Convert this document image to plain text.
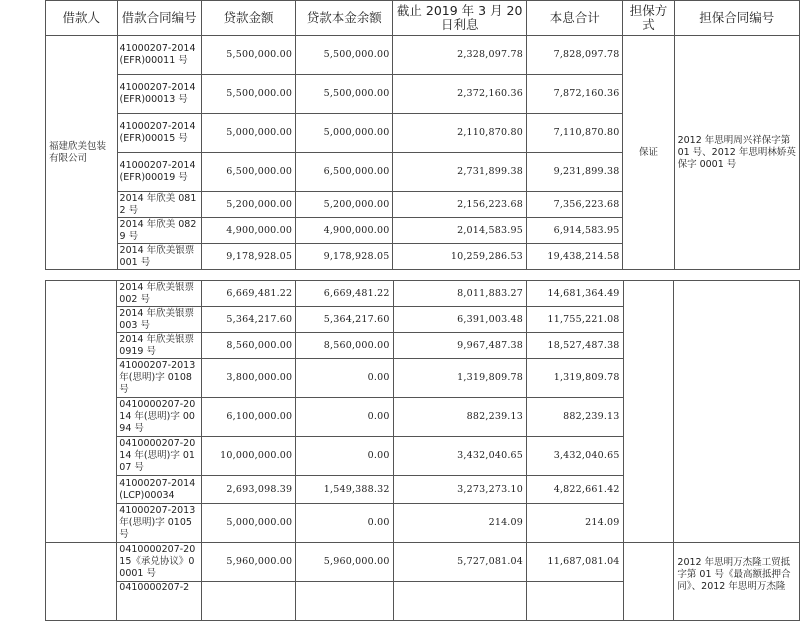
借款人	借款合同编号	贷款金额	贷款本金余额	截止 2019 年 3 月 20 日利息	本息合计	担保方式	担保合同编号
福建欣美包装有限公司	41000207-2014(EFR)00011 号	5,500,000.00	5,500,000.00	2,328,097.78	7,828,097.78	保证	2012 年思明周兴祥保字第 01 号、2012 年思明林娇英保字 0001 号
	41000207-2014(EFR)00013 号	5,500,000.00	5,500,000.00	2,372,160.36	7,872,160.36		
	41000207-2014(EFR)00015 号	5,000,000.00	5,000,000.00	2,110,870.80	7,110,870.80		
	41000207-2014(EFR)00019 号	6,500,000.00	6,500,000.00	2,731,899.38	9,231,899.38		
	2014 年欣美 0812 号	5,200,000.00	5,200,000.00	2,156,223.68	7,356,223.68		
	2014 年欣美 0829 号	4,900,000.00	4,900,000.00	2,014,583.95	6,914,583.95		
	2014 年欣美银票 001 号	9,178,928.05	9,178,928.05	10,259,286.53	19,438,214.58		
	2014 年欣美银票 002 号	6,669,481.22	6,669,481.22	8,011,883.27	14,681,364.49		
	2014 年欣美银票 003 号	5,364,217.60	5,364,217.60	6,391,003.48	11,755,221.08		
	2014 年欣美银票 0919 号	8,560,000.00	8,560,000.00	9,967,487.38	18,527,487.38		
	41000207-2013 年(思明)字 0108 号	3,800,000.00	0.00	1,319,809.78	1,319,809.78		
	0410000207-2014 年(思明)字 0094 号	6,100,000.00	0.00	882,239.13	882,239.13		
	0410000207-2014 年(思明)字 0107 号	10,000,000.00	0.00	3,432,040.65	3,432,040.65		
	41000207-2014 (LCP)00034	2,693,098.39	1,549,388.32	3,273,273.10	4,822,661.42		
	41000207-2013 年(思明)字 0105 号	5,000,000.00	0.00	214.09	214.09		
	0410000207-2015《承兑协议》00001 号	5,960,000.00	5,960,000.00	5,727,081.04	11,687,081.04		2012 年思明万杰隆工贸抵字第 01 号《最高额抵押合同》、2012 年思明万杰隆
	0410000207-2						
